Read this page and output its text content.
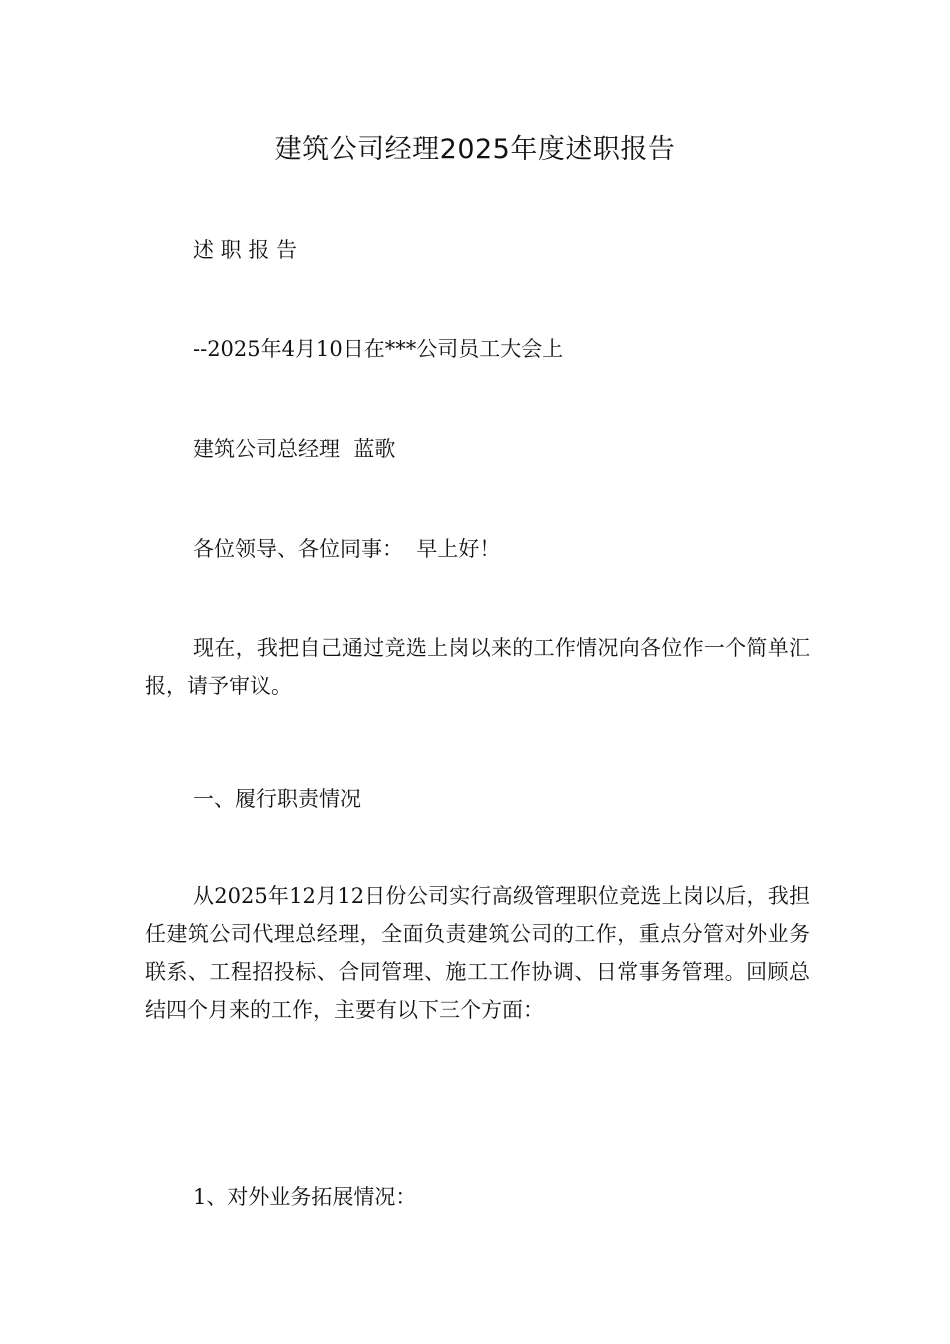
建筑公司经理2025年度述职报告

述 职 报 告

--2025年4月10日在***公司员工大会上

建筑公司总经理  蓝歌

各位领导、各位同事：  早上好！

现在，我把自己通过竞选上岗以来的工作情况向各位作一个简单汇报，请予审议。

一、履行职责情况

从2025年12月12日份公司实行高级管理职位竞选上岗以后，我担任建筑公司代理总经理，全面负责建筑公司的工作，重点分管对外业务联系、工程招投标、合同管理、施工工作协调、日常事务管理。回顾总结四个月来的工作，主要有以下三个方面：

1、对外业务拓展情况：
